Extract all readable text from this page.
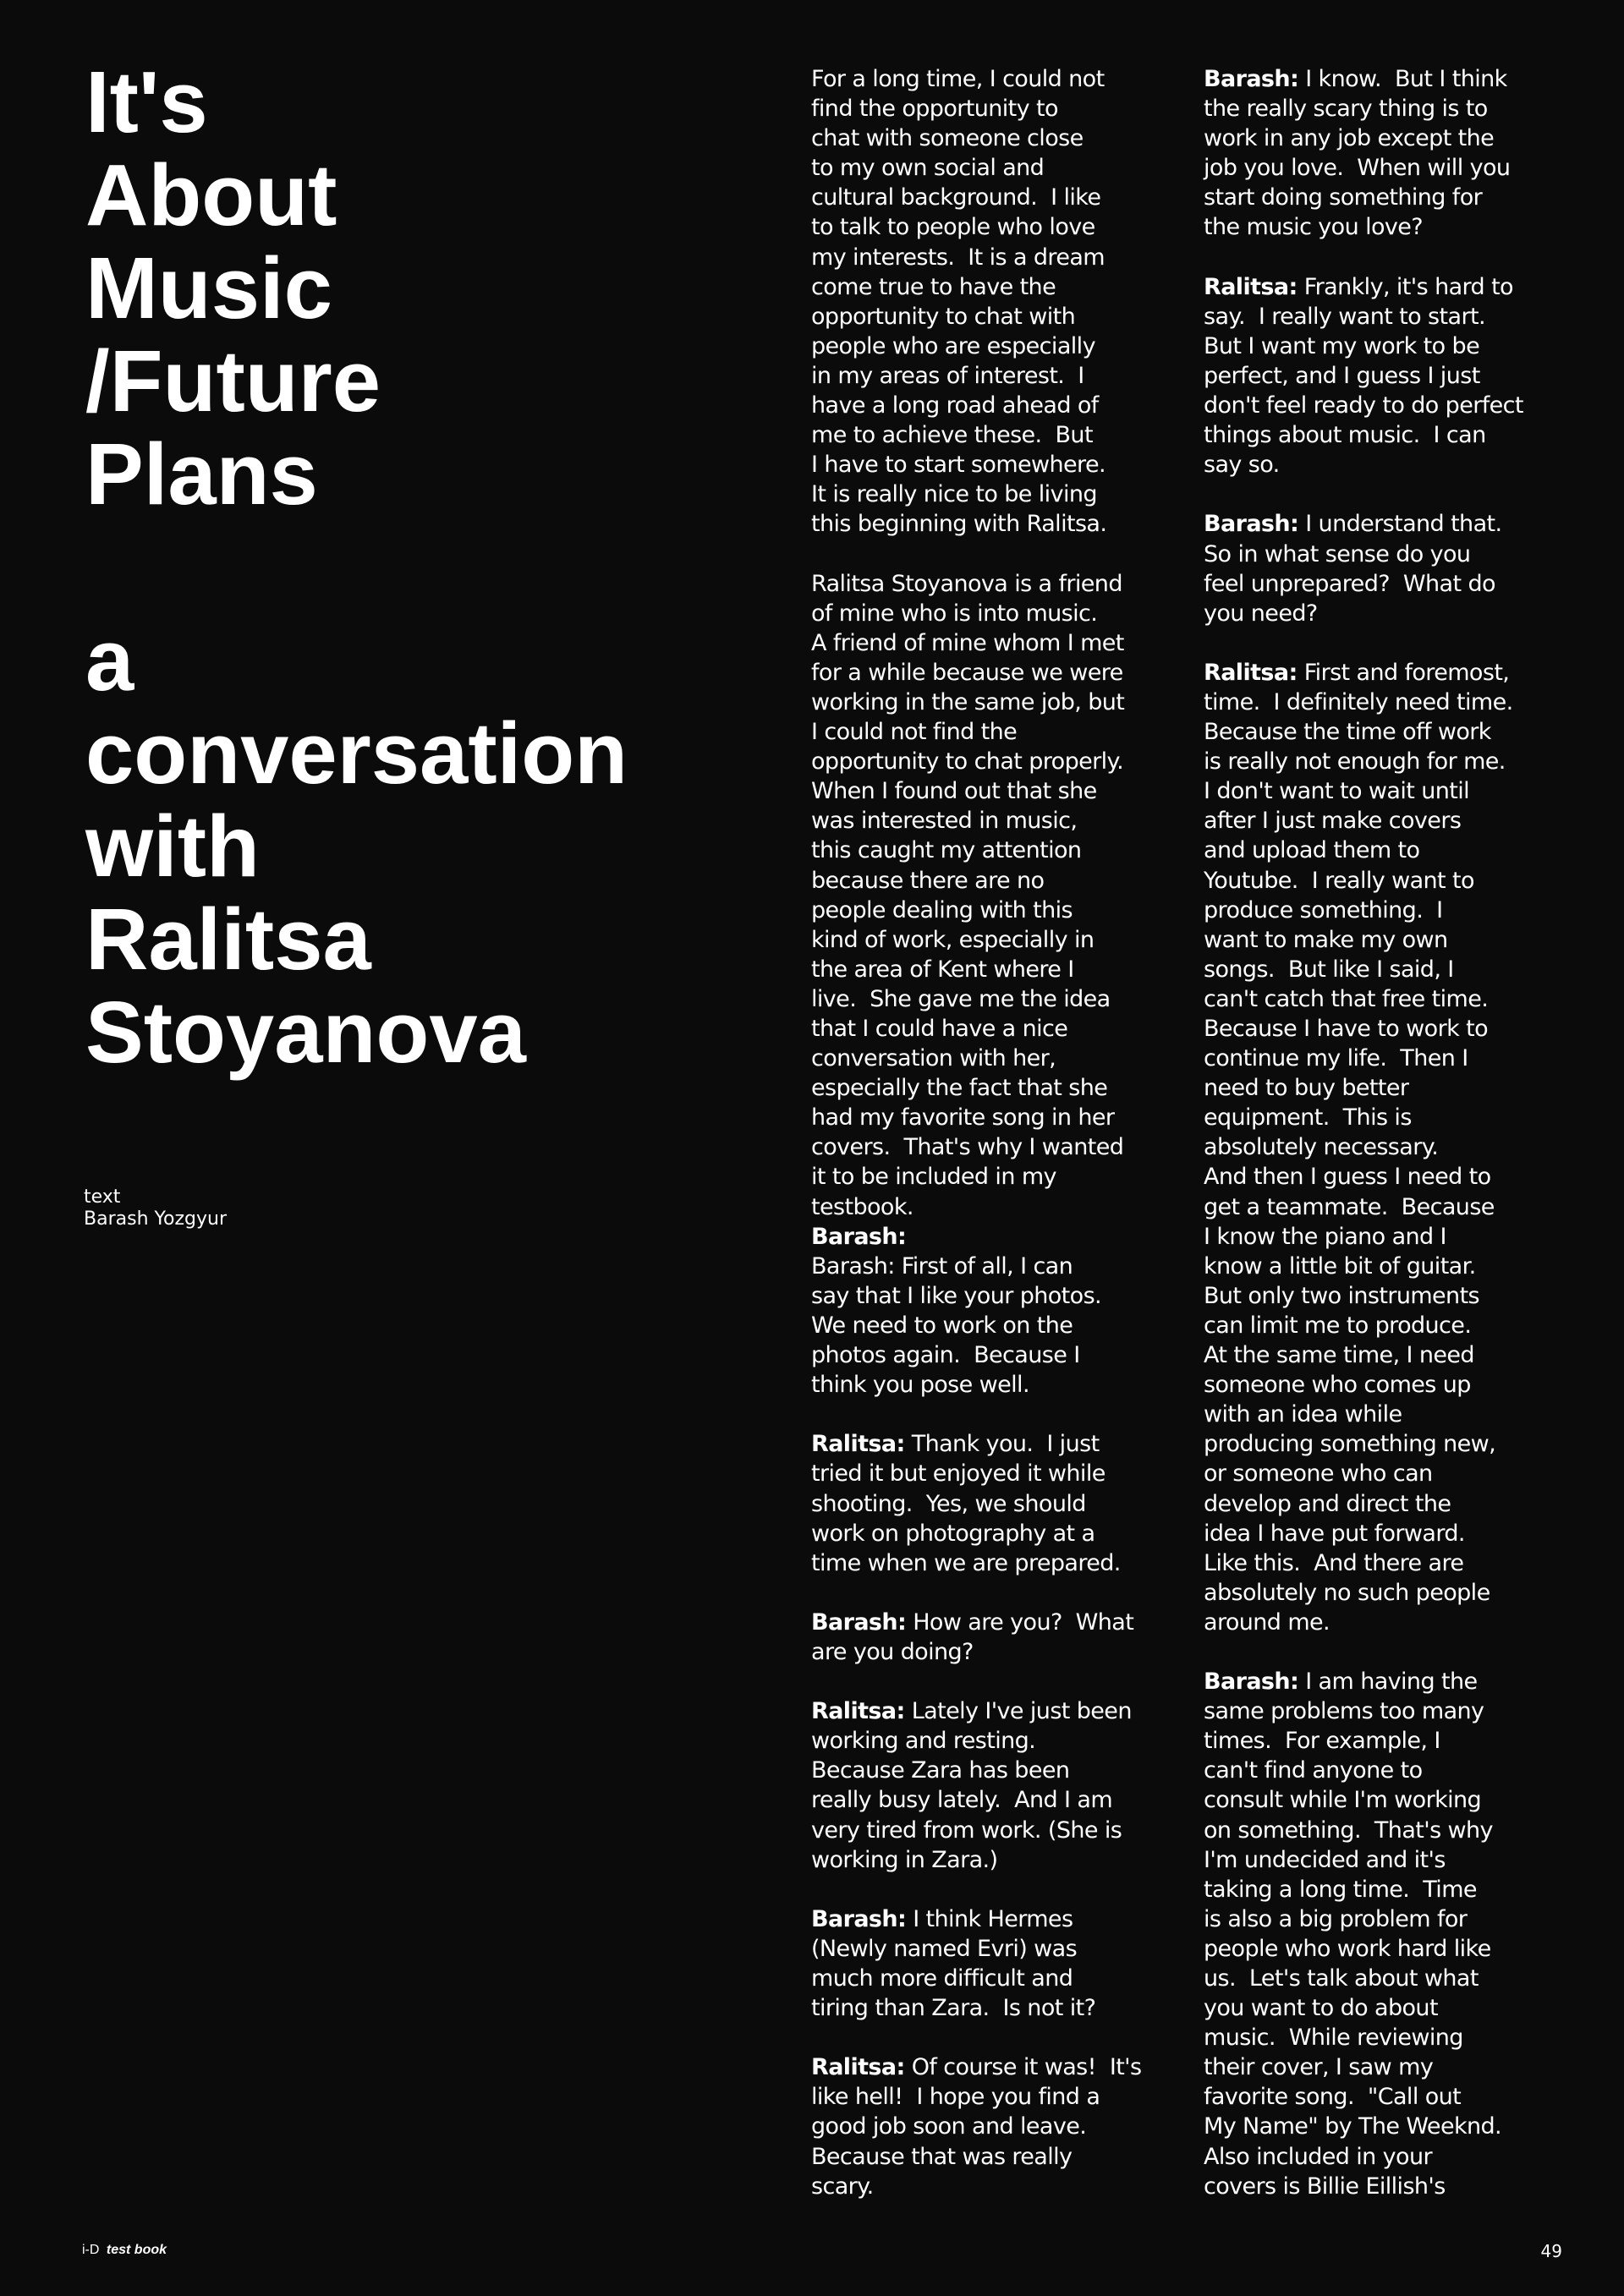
It's
About
Music
/Future
Plans
a
conversation
with
Ralitsa
Stoyanova
text
Barash Yozgyur
For a long time, I could not
find the opportunity to
chat with someone close
to my own social and
cultural background.  I like
to talk to people who love
my interests.  It is a dream
come true to have the
opportunity to chat with
people who are especially
in my areas of interest.  I
have a long road ahead of
me to achieve these.  But
I have to start somewhere.
It is really nice to be living
this beginning with Ralitsa.
Ralitsa Stoyanova is a friend
of mine who is into music.
A friend of mine whom I met
for a while because we were
working in the same job, but
I could not find the
opportunity to chat properly.
When I found out that she
was interested in music,
this caught my attention
because there are no
people dealing with this
kind of work, especially in
the area of Kent where I
live.  She gave me the idea
that I could have a nice
conversation with her,
especially the fact that she
had my favorite song in her
covers.  That's why I wanted
it to be included in my
testbook.
Barash:
Barash: First of all, I can
say that I like your photos.
We need to work on the
photos again.  Because I
think you pose well.
Ralitsa: Thank you.  I just
tried it but enjoyed it while
shooting.  Yes, we should
work on photography at a
time when we are prepared.
Barash: How are you?  What
are you doing?
Ralitsa: Lately I've just been
working and resting.
Because Zara has been
really busy lately.  And I am
very tired from work. (She is
working in Zara.)
Barash: I think Hermes
(Newly named Evri) was
much more difficult and
tiring than Zara.  Is not it?
Ralitsa: Of course it was!  It's
like hell!  I hope you find a
good job soon and leave.
Because that was really
scary.
Barash: I know.  But I think
the really scary thing is to
work in any job except the
job you love.  When will you
start doing something for
the music you love?
Ralitsa: Frankly, it's hard to
say.  I really want to start.
But I want my work to be
perfect, and I guess I just
don't feel ready to do perfect
things about music.  I can
say so.
Barash: I understand that.
So in what sense do you
feel unprepared?  What do
you need?
Ralitsa: First and foremost,
time.  I definitely need time.
Because the time off work
is really not enough for me.
I don't want to wait until
after I just make covers
and upload them to
Youtube.  I really want to
produce something.  I
want to make my own
songs.  But like I said, I
can't catch that free time.
Because I have to work to
continue my life.  Then I
need to buy better
equipment.  This is
absolutely necessary.
And then I guess I need to
get a teammate.  Because
I know the piano and I
know a little bit of guitar.
But only two instruments
can limit me to produce.
At the same time, I need
someone who comes up
with an idea while
producing something new,
or someone who can
develop and direct the
idea I have put forward.
Like this.  And there are
absolutely no such people
around me.
Barash: I am having the
same problems too many
times.  For example, I
can't find anyone to
consult while I'm working
on something.  That's why
I'm undecided and it's
taking a long time.  Time
is also a big problem for
people who work hard like
us.  Let's talk about what
you want to do about
music.  While reviewing
their cover, I saw my
favorite song.  "Call out
My Name" by The Weeknd.
Also included in your
covers is Billie Eillish's
i-D test book	49
